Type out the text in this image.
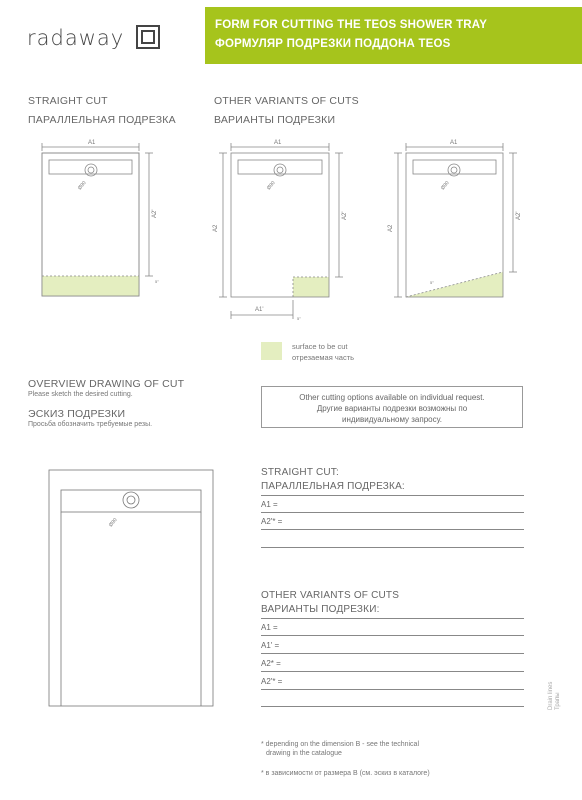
radaway
FORM FOR CUTTING THE TEOS SHOWER TRAY
ФОРМУЛЯР ПОДРЕЗКИ ПОДДОНА TEOS
STRAIGHT CUT
ПАРАЛЛЕЛЬНАЯ ПОДРЕЗКА
OTHER VARIANTS OF CUTS
ВАРИАНТЫ ПОДРЕЗКИ
A1
A2'
Ø90
5°
A1
A2
A2'
A1'
Ø90
5°
A1
A2
A2'
Ø90
5°
surface to be cut
отрезаемая часть
OVERVIEW DRAWING OF CUT
Please sketch the desired cutting.
ЭСКИЗ ПОДРЕЗКИ
Просьба обозначить требуемые резы.
Other cutting options available on individual request.
Другие варианты подрезки возможны по
индивидуальному запросу.
Ø90
STRAIGHT CUT:
ПАРАЛЛЕЛЬНАЯ ПОДРЕЗКА:
A1 =
A2'* =
OTHER VARIANTS OF CUTS
ВАРИАНТЫ ПОДРЕЗКИ:
A1 =
A1' =
A2* =
A2'* =
Drain lines Трапы
* depending on the dimension B - see the technical
drawing in the catalogue
* в зависимости от размера B (см. эскиз в каталоге)
